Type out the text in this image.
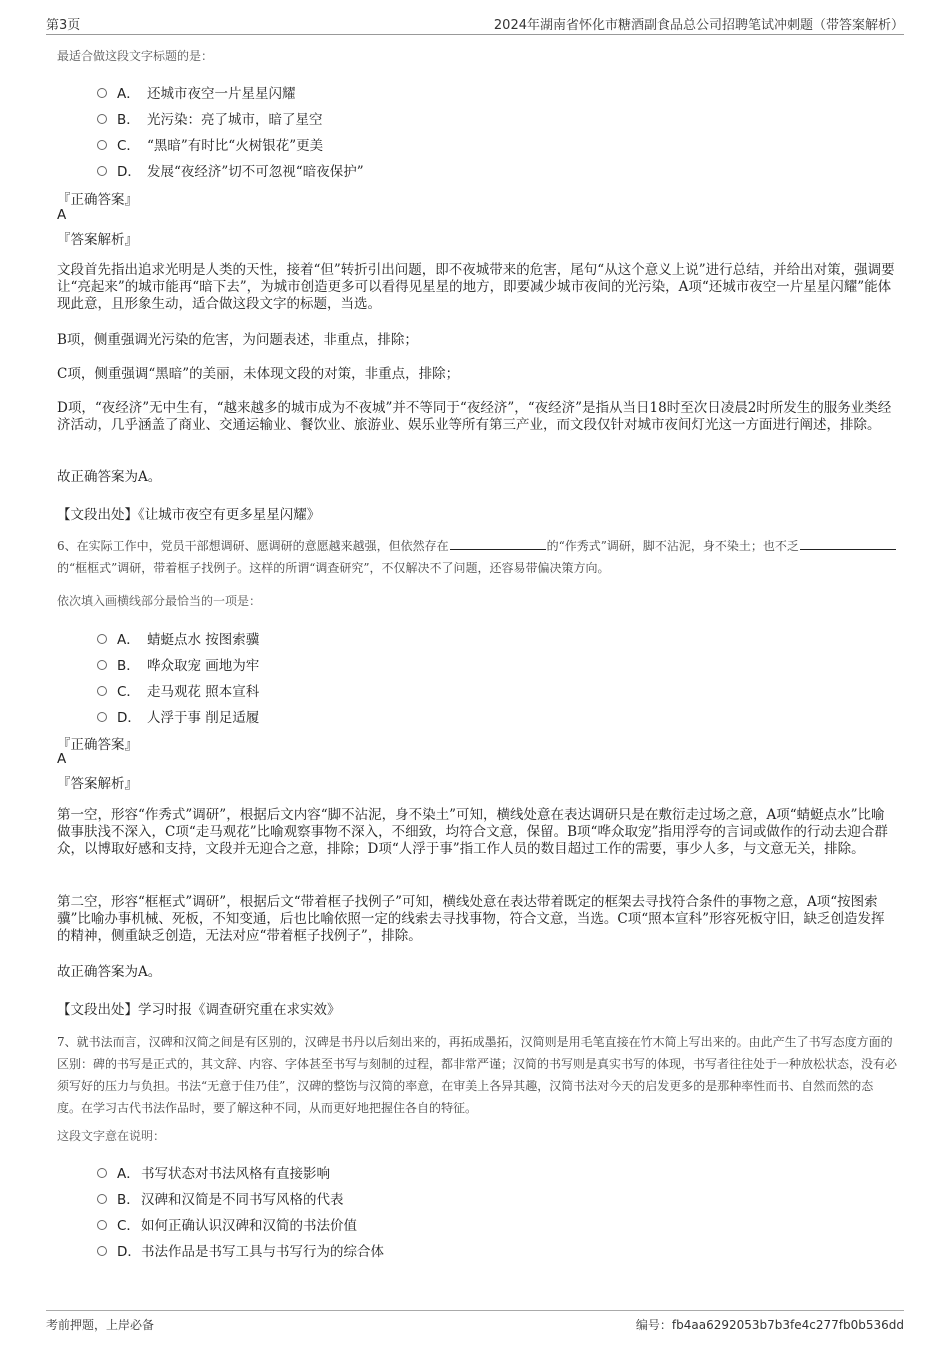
第3页	2024年湖南省怀化市糖酒副食品总公司招聘笔试冲刺题（带答案解析）
最适合做这段文字标题的是：
A． 还城市夜空一片星星闪耀
B． 光污染：亮了城市，暗了星空
C． “黑暗”有时比“火树银花”更美
D． 发展“夜经济”切不可忽视“暗夜保护”
『正确答案』
A
『答案解析』
文段首先指出追求光明是人类的天性，接着“但”转折引出问题，即不夜城带来的危害，尾句“从这个意义上说”进行总结，并给出对策，强调要让“亮起来”的城市能再“暗下去”，为城市创造更多可以看得见星星的地方，即要减少城市夜间的光污染，A项“还城市夜空一片星星闪耀”能体现此意，且形象生动，适合做这段文字的标题，当选。
B项，侧重强调光污染的危害，为问题表述，非重点，排除；
C项，侧重强调“黑暗”的美丽，未体现文段的对策，非重点，排除；
D项，“夜经济”无中生有，“越来越多的城市成为不夜城”并不等同于“夜经济”，“夜经济”是指从当日18时至次日凌晨2时所发生的服务业类经济活动，几乎涵盖了商业、交通运输业、餐饮业、旅游业、娱乐业等所有第三产业，而文段仅针对城市夜间灯光这一方面进行阐述，排除。
故正确答案为A。
【文段出处】《让城市夜空有更多星星闪耀》
6、在实际工作中，党员干部想调研、愿调研的意愿越来越强，但依然存在	的“作秀式”调研，脚不沾泥，身不染土；也不乏的“框框式”调研，带着框子找例子。这样的所谓“调查研究”，不仅解决不了问题，还容易带偏决策方向。
依次填入画横线部分最恰当的一项是：
A． 蜻蜓点水 按图索骥
B． 哗众取宠 画地为牢
C． 走马观花 照本宣科
D． 人浮于事 削足适履
『正确答案』
A
『答案解析』
第一空，形容“作秀式”调研”，根据后文内容“脚不沾泥，身不染土”可知，横线处意在表达调研只是在敷衍走过场之意，A项“蜻蜓点水”比喻做事肤浅不深入，C项“走马观花”比喻观察事物不深入，不细致，均符合文意，保留。B项“哗众取宠”指用浮夸的言词或做作的行动去迎合群众，以博取好感和支持，文段并无迎合之意，排除；D项“人浮于事”指工作人员的数目超过工作的需要，事少人多，与文意无关，排除。
第二空，形容“框框式”调研”，根据后文“带着框子找例子”可知，横线处意在表达带着既定的框架去寻找符合条件的事物之意，A项“按图索骥”比喻办事机械、死板，不知变通，后也比喻依照一定的线索去寻找事物，符合文意，当选。C项“照本宣科”形容死板守旧，缺乏创造发挥的精神，侧重缺乏创造，无法对应“带着框子找例子”，排除。
故正确答案为A。
【文段出处】学习时报《调查研究重在求实效》
7、就书法而言，汉碑和汉简之间是有区别的，汉碑是书丹以后刻出来的，再拓成墨拓，汉简则是用毛笔直接在竹木简上写出来的。由此产生了书写态度方面的区别：碑的书写是正式的，其文辞、内容、字体甚至书写与刻制的过程，都非常严谨；汉简的书写则是真实书写的体现，书写者往往处于一种放松状态，没有必须写好的压力与负担。书法“无意于佳乃佳”，汉碑的整饬与汉简的率意，在审美上各异其趣，汉简书法对今天的启发更多的是那种率性而书、自然而然的态度。在学习古代书法作品时，要了解这种不同，从而更好地把握住各自的特征。
这段文字意在说明：
A． 书写状态对书法风格有直接影响
B． 汉碑和汉简是不同书写风格的代表
C． 如何正确认识汉碑和汉简的书法价值
D． 书法作品是书写工具与书写行为的综合体
考前押题，上岸必备	编号：fb4aa6292053b7b3fe4c277fb0b536dd
